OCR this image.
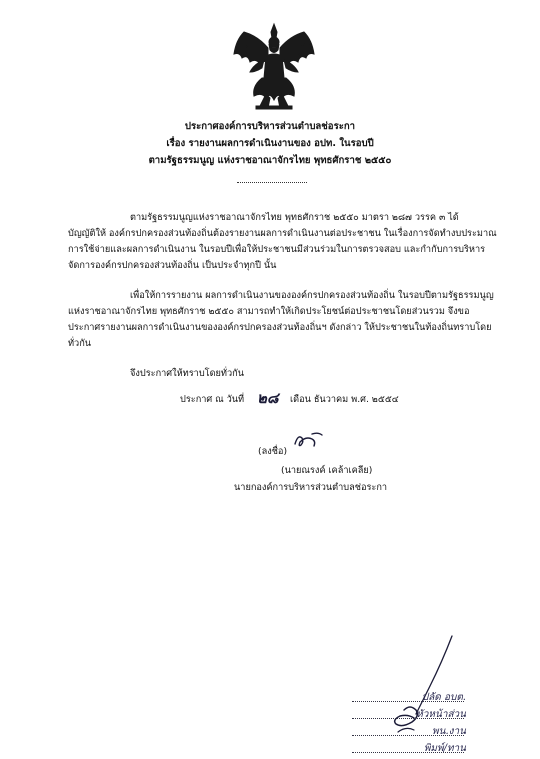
ประกาศองค์การบริหารส่วนตำบลช่อระกา
เรื่อง รายงานผลการดำเนินงานของ อปท. ในรอบปี
ตามรัฐธรรมนูญ แห่งราชอาณาจักรไทย พุทธศักราช ๒๕๕๐
ตามรัฐธรรมนูญแห่งราชอาณาจักรไทย พุทธศักราช ๒๕๕๐ มาตรา ๒๘๗ วรรค ๓ ได้
บัญญัติให้ องค์กรปกครองส่วนท้องถิ่นต้องรายงานผลการดำเนินงานต่อประชาชน ในเรื่องการจัดทำงบประมาณ
การใช้จ่ายและผลการดำเนินงาน ในรอบปีเพื่อให้ประชาชนมีส่วนร่วมในการตรวจสอบ และกำกับการบริหาร
จัดการองค์กรปกครองส่วนท้องถิ่น เป็นประจำทุกปี นั้น
เพื่อให้การรายงาน ผลการดำเนินงานขององค์กรปกครองส่วนท้องถิ่น ในรอบปีตามรัฐธรรมนูญ
แห่งราชอาณาจักรไทย พุทธศักราช ๒๕๕๐ สามารถทำให้เกิดประโยชน์ต่อประชาชนโดยส่วนรวม จึงขอ
ประกาศรายงานผลการดำเนินงานขององค์กรปกครองส่วนท้องถิ่นฯ ดังกล่าว ให้ประชาชนในท้องถิ่นทราบโดย
ทั่วกัน
จึงประกาศให้ทราบโดยทั่วกัน
ประกาศ ณ วันที่ ๒๘ เดือน ธันวาคม พ.ศ. ๒๕๕๔
(ลงชื่อ)
(นายณรงค์ เคล้าเคลีย)
นายกองค์การบริหารส่วนตำบลช่อระกา
ปลัด อบต.
หัวหน้าส่วน
พน.งาน
พิมพ์/ทาน
